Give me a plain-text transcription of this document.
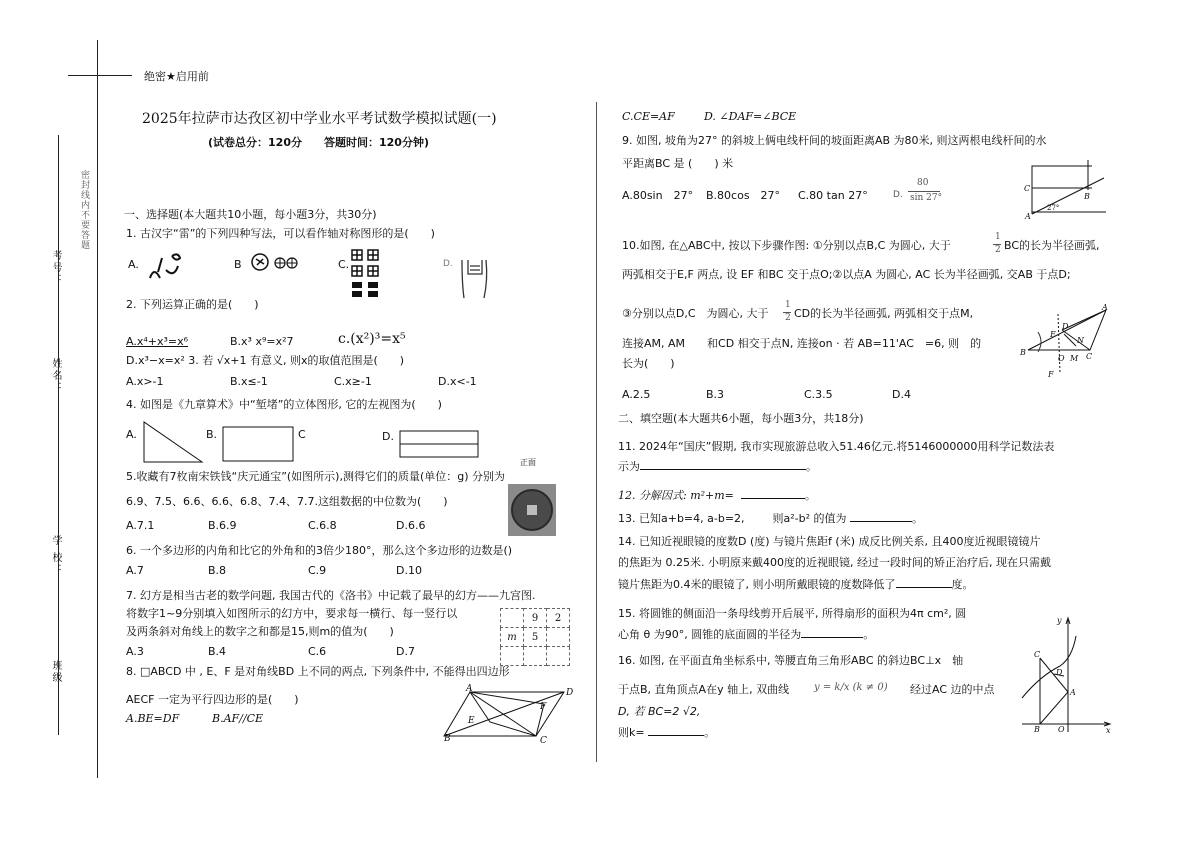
密封线内不要答题
考号：
姓名：
学 校：
班级
绝密★启用前
2025年拉萨市达孜区初中学业水平考试数学模拟试题(一)
(试卷总分：120分　　答题时间：120分钟)
一、选择题(本大题共10小题，每小题3分，共30分)
1. 古汉字“雷”的下列四种写法，可以看作轴对称图形的是(　　)
A.	B	C.	D.
2. 下列运算正确的是(　　)
A.x⁴+x³=x⁶	B.x³ x⁹=x²7	c.(x²)³=x⁵
D.x³−x=x² 3. 若 √x+1 有意义, 则x的取值范围是(　　)
A.x>-1	B.x≤-1	C.x≥-1	D.x<-1
4. 如图是《九章算术》中“堑堵”的立体图形, 它的左视图为(　　)
A.	B.	C	D.
5.收藏有7枚南宋铁钱“庆元通宝”(如图所示),测得它们的质量(单位：g) 分别为
正面
6.9、7.5、6.6、6.6、6.8、7.4、7.7.这组数据的中位数为(　　)
A.7.1	B.6.9	C.6.8	D.6.6
6. 一个多边形的内角和比它的外角和的3倍少180°，那么这个多边形的边数是()
A.7	B.8	C.9	D.10
7. 幻方是相当古老的数学问题, 我国古代的《洛书》中记载了最早的幻方——九宫图.
将数字1~9分别填入如图所示的幻方中，要求每一横行、每一竖行以
及两条斜对角线上的数字之和都是15,则m的值为(　　)
	9	2
m	5	

A.3	B.4	C.6	D.7
8. □ABCD 中 , E、F 是对角线BD 上不同的两点, 下列条件中, 不能得出四边形
AECF 一定为平行四边形的是(　　)
A.BE=DF	B.AF//CE
A	D
E
F
B	C
C.CE=AF	D. ∠DAF=∠BCE
9. 如图, 坡角为27° 的斜坡上俩电线杆间的坡面距离AB 为80米, 则这两根电线杆间的水
平距离BC 是 (　　) 米
A.80sin　27° B.80cos　27° C.80 tan 27°	D.
80
sin 27°
C
B
A
27°
10.如图, 在△ABC中, 按以下步骤作图: ①分别以点B,C 为圆心, 大于
1
2 BC的长为半径画弧,
两弧相交于E,F 两点, 设 EF 和BC 交于点O;②以点A 为圆心, AC 长为半径画弧, 交AB 于点D;
③分别以点D,C　为圆心, 大于
1
2 CD的长为半径画弧, 两弧相交于点M,
连接AM, AM　　和CD 相交于点N, 连接on · 若 AB=11'AC　=6, 则　的
长为(　　)
A
D
E
N
B
O M C
F
A.2.5	B.3	C.3.5	D.4
二、填空题(本大题共6小题，每小题3分，共18分)
11. 2024年“国庆”假期, 我市实现旅游总收入51.46亿元.将5146000000用科学记数法表
示为	。
12. 分解因式: m²+m=	。
13. 已知a+b=4, a-b=2,	则a²-b² 的值为	。
14. 已知近视眼镜的度数D (度) 与镜片焦距f (米) 成反比例关系, 且400度近视眼镜镜片
的焦距为 0.25米. 小明原来戴400度的近视眼镜, 经过一段时间的矫正治疗后, 现在只需戴
镜片焦距为0.4米的眼镜了, 则小明所戴眼镜的度数降低了	度。
15. 将圆锥的侧面沿一条母线剪开后展平, 所得扇形的面积为4π cm², 圆
心角 θ 为90°, 圆锥的底面圆的半径为	。
16. 如图, 在平面直角坐标系中, 等腰直角三角形ABC 的斜边BC⊥x　轴
于点B, 直角顶点A在y 轴上, 双曲线 y = k/x (k ≠ 0) 经过AC 边的中点
D, 若 BC=2 √2,
则k=	。
y
C
D
A
B O	x
